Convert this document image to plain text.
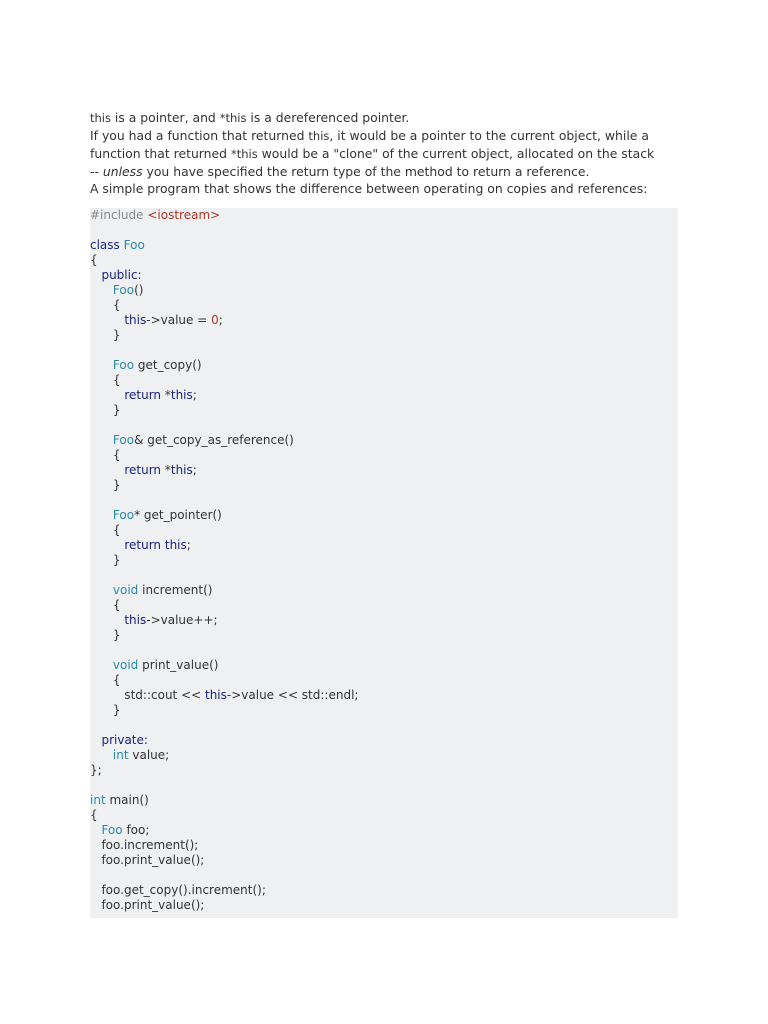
this is a pointer, and *this is a dereferenced pointer.

If you had a function that returned this, it would be a pointer to the current object, while a

function that returned *this would be a "clone" of the current object, allocated on the stack

-- unless you have specified the return type of the method to return a reference.

A simple program that shows the difference between operating on copies and references:

#include <iostream>
class Foo
{
public:
Foo()
{
this->value = 0;
}
Foo get_copy()
{
return *this;
}
Foo& get_copy_as_reference()
{
return *this;
}
Foo* get_pointer()
{
return this;
}
void increment()
{
this->value++;
}
void print_value()
{
std::cout << this->value << std::endl;
}
private:
int value;
};
int main()
{
Foo foo;
foo.increment();
foo.print_value();
foo.get_copy().increment();
foo.print_value();
